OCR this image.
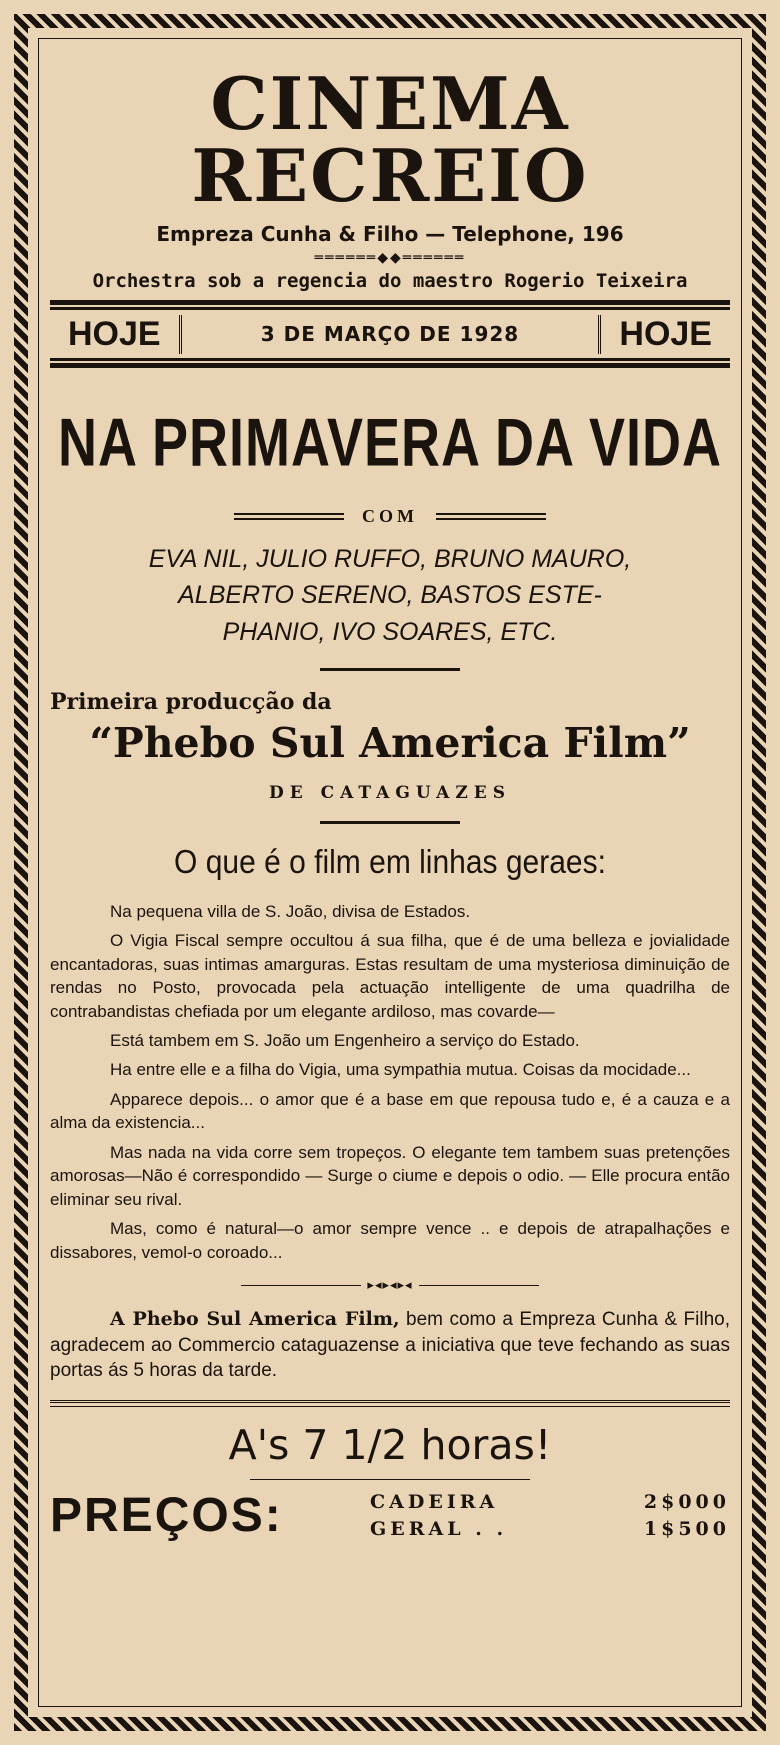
CINEMA RECREIO
Empreza Cunha & Filho — Telephone, 196
══════◆◆══════
Orchestra sob a regencia do maestro Rogerio Teixeira
HOJE	3 DE MARÇO DE 1928	HOJE
NA PRIMAVERA DA VIDA
COM
EVA NIL, JULIO RUFFO, BRUNO MAURO,
ALBERTO SERENO, BASTOS ESTE-
PHANIO, IVO SOARES, ETC.
Primeira producção da
“Phebo Sul America Film”
DE CATAGUAZES
O que é o film em linhas geraes:
Na pequena villa de S. João, divisa de Estados.
O Vigia Fiscal sempre occultou á sua filha, que é de uma belleza e jovialidade encantadoras, suas intimas amarguras. Estas resultam de uma mysteriosa diminuição de rendas no Posto, provocada pela actuação intelligente de uma quadrilha de contrabandistas chefiada por um elegante ardiloso, mas covarde—
Está tambem em S. João um Engenheiro a serviço do Estado.
Ha entre elle e a filha do Vigia, uma sympathia mutua. Coisas da mocidade...
Apparece depois... o amor que é a base em que repousa tudo e, é a cauza e a alma da existencia...
Mas nada na vida corre sem tropeços. O elegante tem tambem suas pretenções amorosas—Não é correspondido — Surge o ciume e depois o odio. — Elle procura então eliminar seu rival.
Mas, como é natural—o amor sempre vence .. e depois de atrapalhações e dissabores, vemol-o coroado...
▸◂▸◂▸◂
A Phebo Sul America Film, bem como a Empreza Cunha & Filho, agradecem ao Commercio cataguazense a iniciativa que teve fechando as suas portas ás 5 horas da tarde.
A's 7 1/2 horas!
PREÇOS:	CADEIRA	2$000
GERAL . .	1$500
